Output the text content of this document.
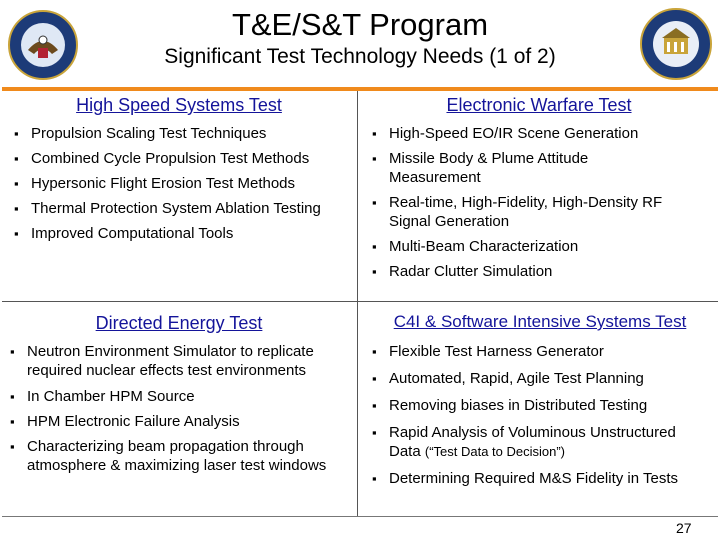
T&E/S&T Program
Significant Test Technology Needs (1 of 2)
High Speed Systems Test
▪ Propulsion Scaling Test Techniques
▪ Combined Cycle Propulsion Test Methods
▪ Hypersonic Flight Erosion Test Methods
▪ Thermal Protection System Ablation Testing
▪ Improved Computational Tools
Electronic Warfare Test
▪ High-Speed EO/IR Scene Generation
▪ Missile Body & Plume Attitude Measurement
▪ Real-time, High-Fidelity, High-Density RF Signal Generation
▪ Multi-Beam Characterization
▪ Radar Clutter Simulation
Directed Energy Test
▪ Neutron Environment Simulator to replicate required nuclear effects test environments
▪ In Chamber HPM Source
▪ HPM Electronic Failure Analysis
▪ Characterizing beam propagation through atmosphere & maximizing laser test windows
C4I & Software Intensive Systems Test
▪ Flexible Test Harness Generator
▪ Automated, Rapid, Agile Test Planning
▪ Removing biases in Distributed Testing
▪ Rapid Analysis of Voluminous Unstructured Data (“Test Data to Decision”)
▪ Determining Required M&S Fidelity in Tests
27
